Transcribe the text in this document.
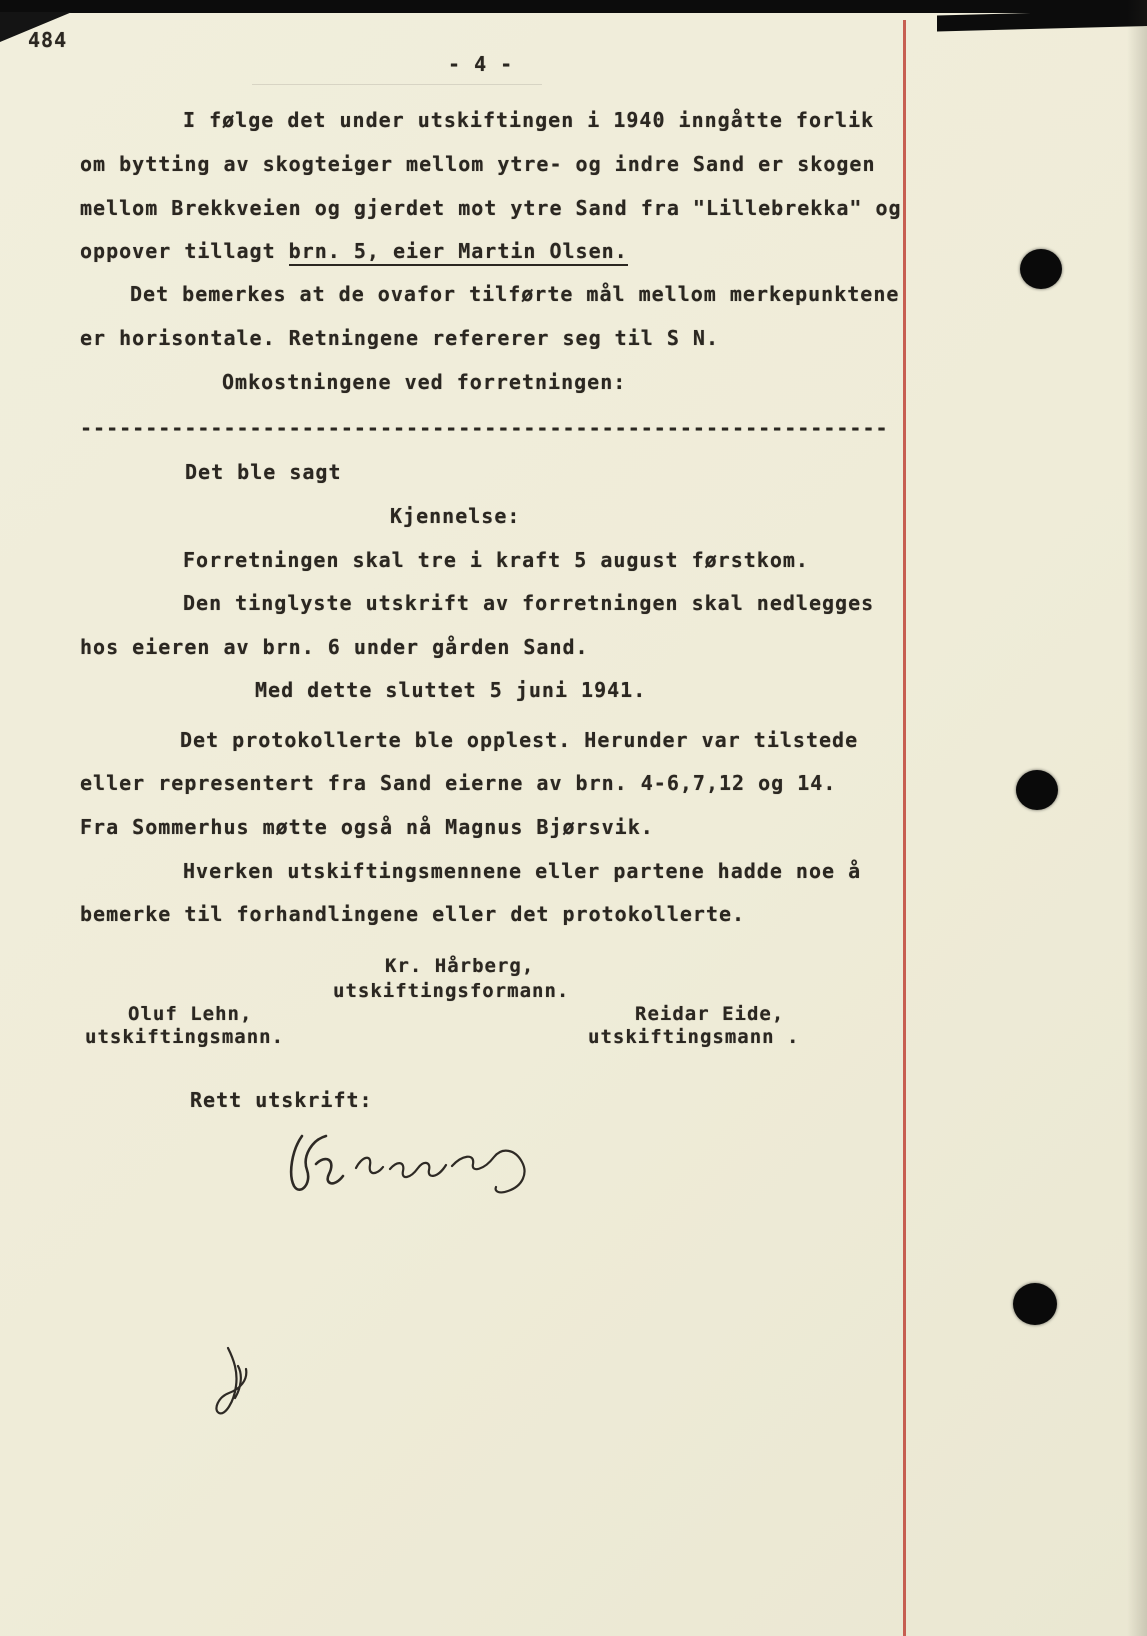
484
- 4 -
I følge det under utskiftingen i 1940 inngåtte forlik
om bytting av skogteiger mellom ytre- og indre Sand er skogen
mellom Brekkveien og gjerdet mot ytre Sand fra "Lillebrekka" og
oppover tillagt brn. 5, eier Martin Olsen.
Det bemerkes at de ovafor tilførte mål mellom merkepunktene
er horisontale. Retningene refererer seg til S N.
Omkostningene ved forretningen:
--------------------------------------------------------------
Det ble sagt
Kjennelse:
Forretningen skal tre i kraft 5 august førstkom.
Den tinglyste utskrift av forretningen skal nedlegges
hos eieren av brn. 6 under gården Sand.
Med dette sluttet 5 juni 1941.
Det protokollerte ble opplest. Herunder var tilstede
eller representert fra Sand eierne av brn. 4-6,7,12 og 14.
Fra Sommerhus møtte også nå Magnus Bjørsvik.
Hverken utskiftingsmennene eller partene hadde noe å
bemerke til forhandlingene eller det protokollerte.
Kr. Hårberg,
utskiftingsformann.
Oluf Lehn,	Reidar Eide,
utskiftingsmann.	utskiftingsmann .
Rett utskrift:
